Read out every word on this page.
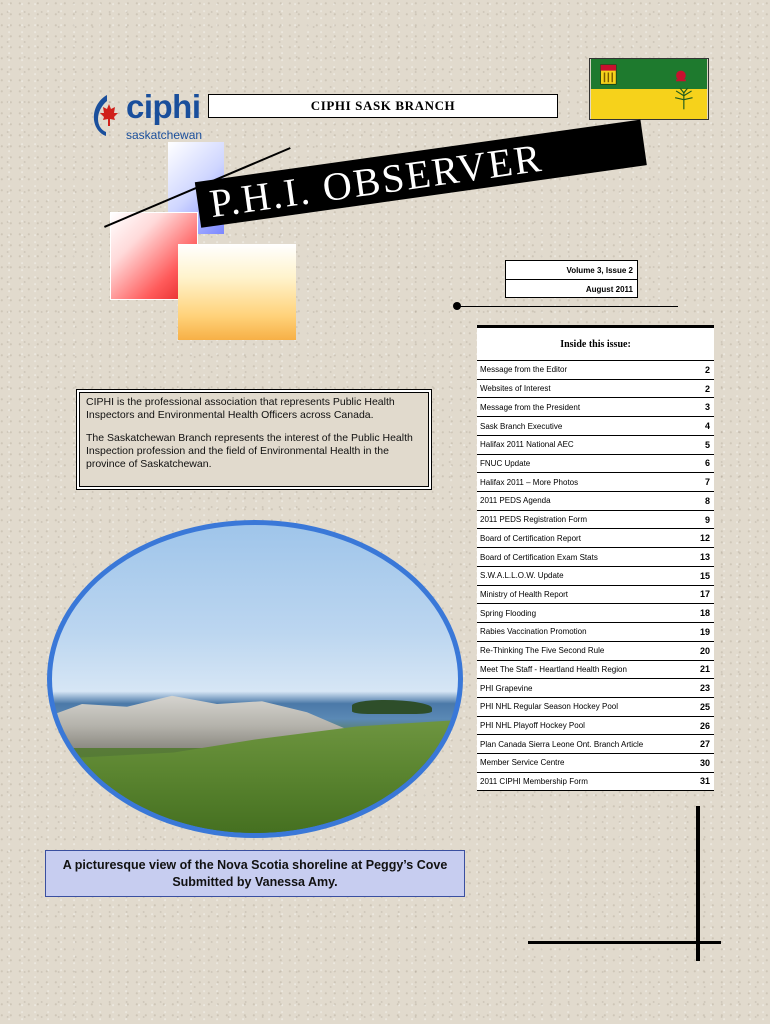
ciphi
saskatchewan
CIPHI SASK BRANCH
P.H.I. OBSERVER
Volume 3, Issue 2
August 2011
Inside this issue:
Message from the Editor	2
Websites of Interest	2
Message from the President	3
Sask Branch Executive	4
Halifax 2011 National AEC	5
FNUC Update	6
Halifax 2011 – More Photos	7
2011 PEDS Agenda	8
2011 PEDS Registration Form	9
Board of Certification Report	12
Board of Certification Exam Stats	13
S.W.A.L.L.O.W. Update	15
Ministry of Health Report	17
Spring Flooding	18
Rabies Vaccination Promotion	19
Re-Thinking The Five Second Rule	20
Meet The Staff - Heartland Health Region	21
PHI Grapevine	23
PHI NHL Regular Season Hockey Pool	25
PHI NHL Playoff Hockey Pool	26
Plan Canada Sierra Leone Ont. Branch Article	27
Member Service Centre	30
2011 CIPHI Membership Form	31

CIPHI is the professional association that represents Public Health Inspectors and Environmental Health Officers across Canada.

The Saskatchewan Branch represents the interest of the Public Health Inspection profession and the field of Environmental Health in the province of Saskatchewan.

A picturesque view of the Nova Scotia shoreline at Peggy’s Cove
Submitted by Vanessa Amy.
